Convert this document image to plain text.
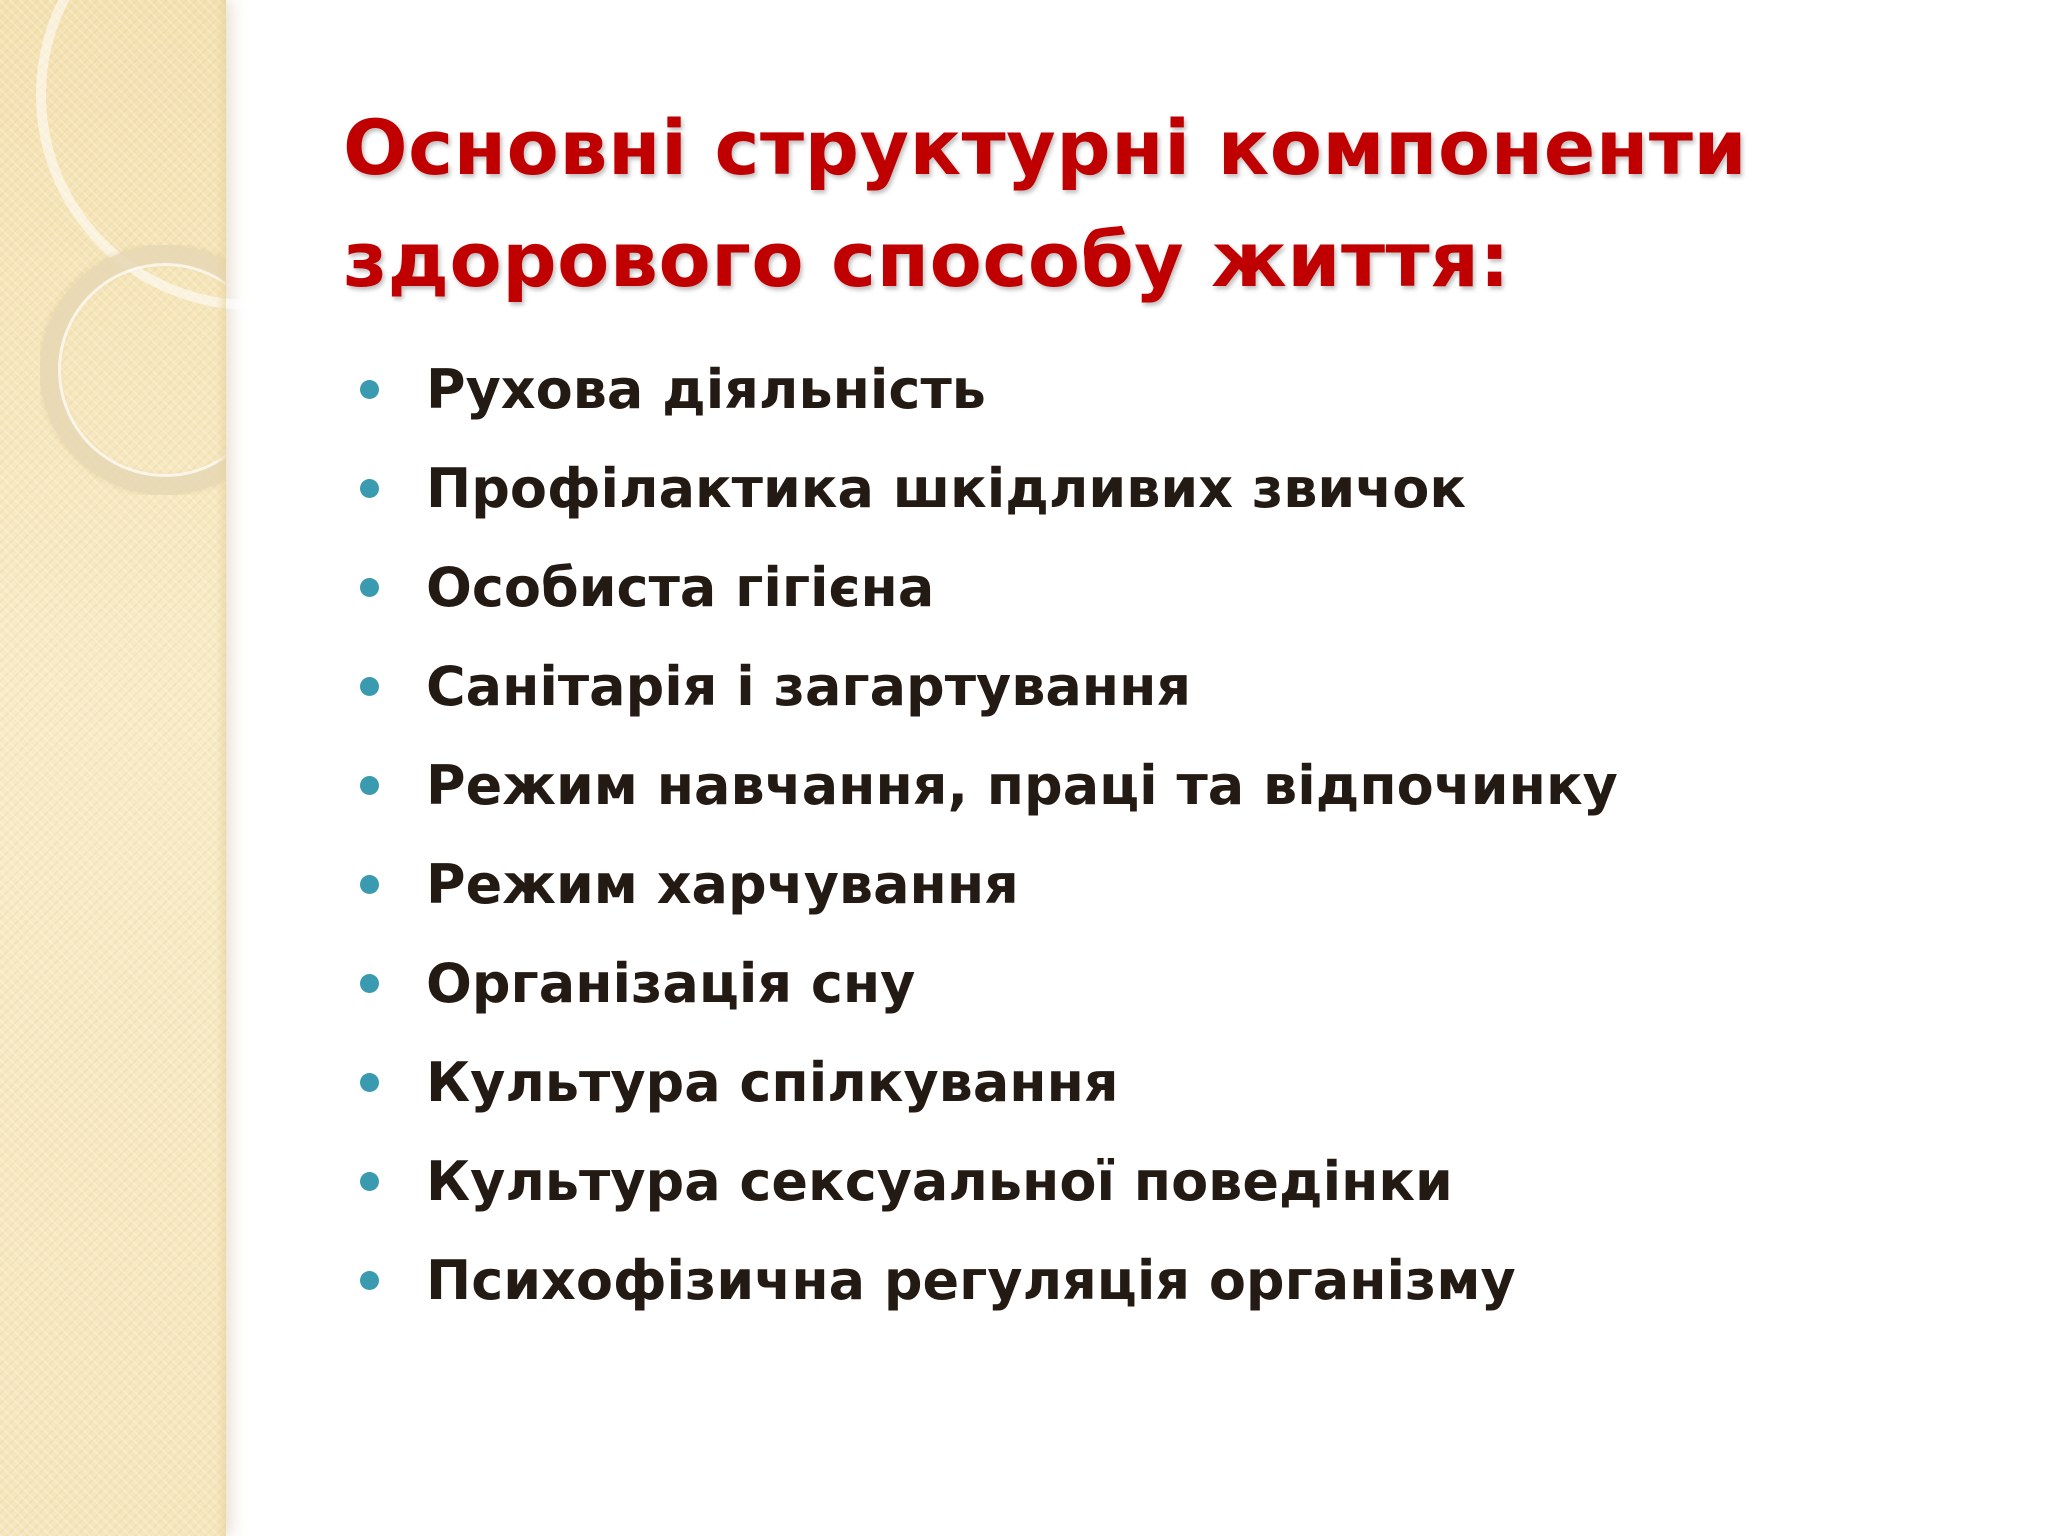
Основні структурні компоненти
здорового способу життя:
Рухова діяльність
Профілактика шкідливих звичок
Особиста гігієна
Санітарія і загартування
Режим навчання, праці та відпочинку
Режим харчування
Організація сну
Культура спілкування
Культура сексуальної поведінки
Психофізична регуляція організму
